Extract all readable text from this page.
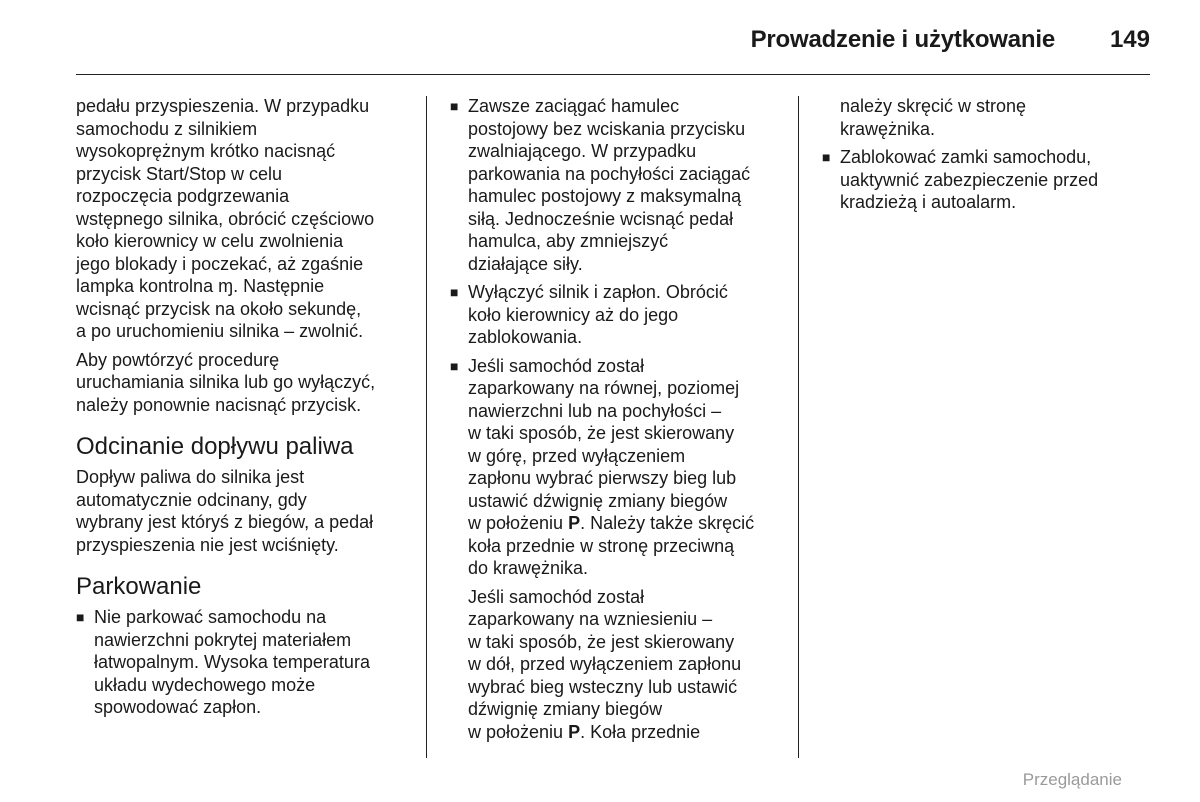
Prowadzenie i użytkowanie 149

pedału przyspieszenia. W przypadku
samochodu z silnikiem
wysokoprężnym krótko nacisnąć
przycisk Start/Stop w celu
rozpoczęcia podgrzewania
wstępnego silnika, obrócić częściowo
koło kierownicy w celu zwolnienia
jego blokady i poczekać, aż zgaśnie
lampka kontrolna ɱ. Następnie
wcisnąć przycisk na około sekundę,
a po uruchomieniu silnika – zwolnić.

Aby powtórzyć procedurę
uruchamiania silnika lub go wyłączyć,
należy ponownie nacisnąć przycisk.

Odcinanie dopływu paliwa

Dopływ paliwa do silnika jest
automatycznie odcinany, gdy
wybrany jest któryś z biegów, a pedał
przyspieszenia nie jest wciśnięty.

Parkowanie
■ Nie parkować samochodu na
nawierzchni pokrytej materiałem
łatwopalnym. Wysoka temperatura
układu wydechowego może
spowodować zapłon.
■ Zawsze zaciągać hamulec
postojowy bez wciskania przycisku
zwalniającego. W przypadku
parkowania na pochyłości zaciągać
hamulec postojowy z maksymalną
siłą. Jednocześnie wcisnąć pedał
hamulca, aby zmniejszyć
działające siły.
■ Wyłączyć silnik i zapłon. Obrócić
koło kierownicy aż do jego
zablokowania.
■ Jeśli samochód został
zaparkowany na równej, poziomej
nawierzchni lub na pochyłości –
w taki sposób, że jest skierowany
w górę, przed wyłączeniem
zapłonu wybrać pierwszy bieg lub
ustawić dźwignię zmiany biegów
w położeniu P. Należy także skręcić
koła przednie w stronę przeciwną
do krawężnika.
Jeśli samochód został
zaparkowany na wzniesieniu –
w taki sposób, że jest skierowany
w dół, przed wyłączeniem zapłonu
wybrać bieg wsteczny lub ustawić
dźwignię zmiany biegów
w położeniu P. Koła przednie
należy skręcić w stronę
krawężnika.
■ Zablokować zamki samochodu,
uaktywnić zabezpieczenie przed
kradzieżą i autoalarm.
Przeglądanie
